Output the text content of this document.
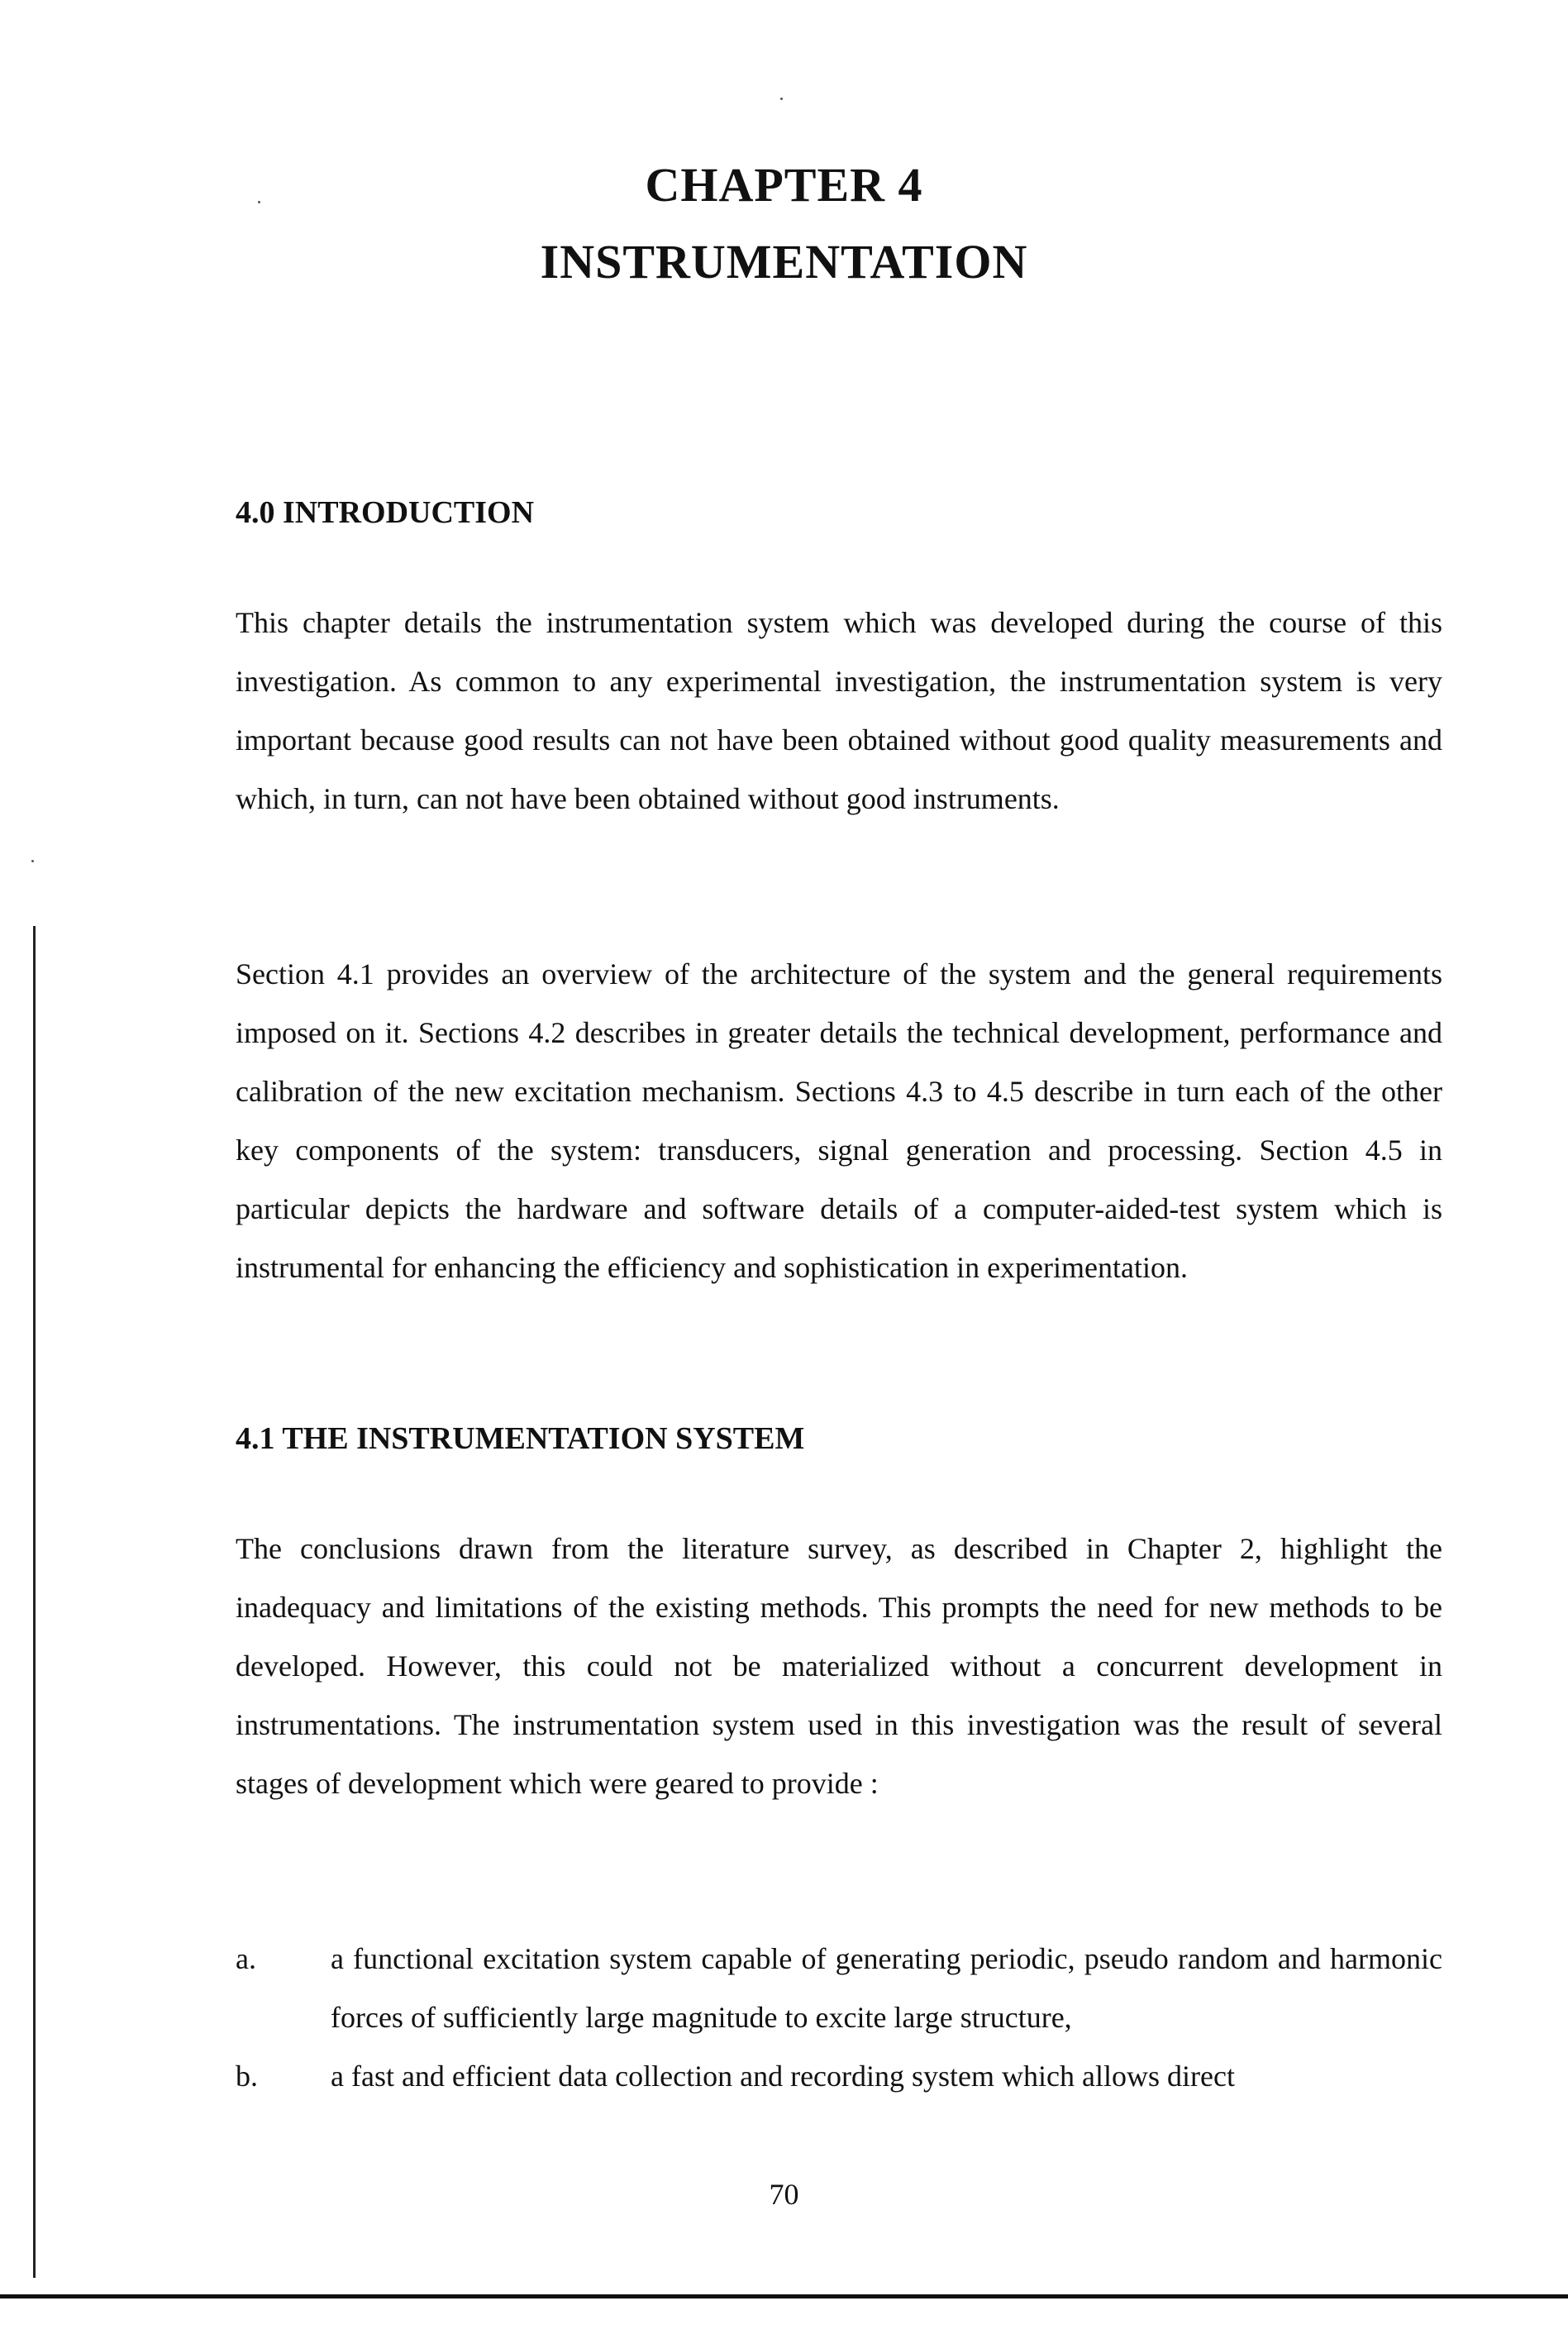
CHAPTER 4
INSTRUMENTATION
4.0 INTRODUCTION

This chapter details the instrumentation system which was developed during the course of this investigation. As common to any experimental investigation, the instrumentation system is very important because good results can not have been obtained without good quality measurements and which, in turn, can not have been obtained without good instruments.

Section 4.1 provides an overview of the architecture of the system and the general requirements imposed on it. Sections 4.2 describes in greater details the technical development, performance and calibration of the new excitation mechanism. Sections 4.3 to 4.5 describe in turn each of the other key components of the system: transducers, signal generation and processing. Section 4.5 in particular depicts the hardware and software details of a computer-aided-test system which is instrumental for enhancing the efficiency and sophistication in experimentation.

4.1 THE INSTRUMENTATION SYSTEM

The conclusions drawn from the literature survey, as described in Chapter 2, highlight the inadequacy and limitations of the existing methods. This prompts the need for new methods to be developed. However, this could not be materialized without a concurrent development in instrumentations. The instrumentation system used in this investigation was the result of several stages of development which were geared to provide :

a.	a functional excitation system capable of generating periodic, pseudo random and harmonic forces of sufficiently large magnitude to excite large structure,
b. a fast and efficient data collection and recording system which allows direct
70
